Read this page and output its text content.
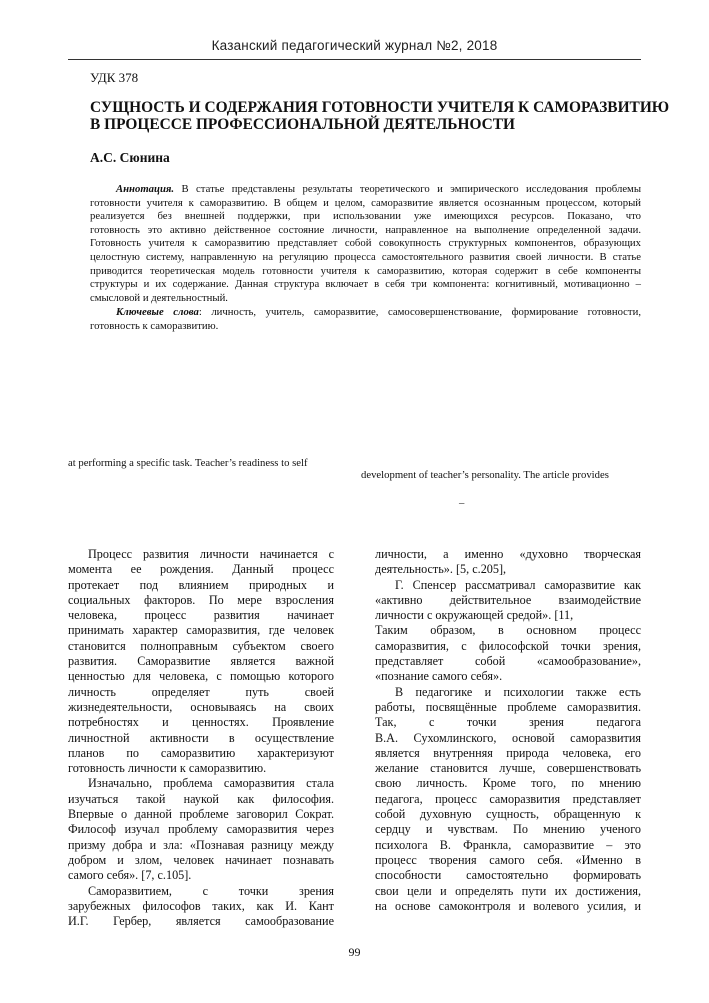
Казанский педагогический журнал №2, 2018
УДК 378
СУЩНОСТЬ И СОДЕРЖАНИЯ ГОТОВНОСТИ УЧИТЕЛЯ К САМОРАЗВИТИЮ
В ПРОЦЕССЕ ПРОФЕССИОНАЛЬНОЙ ДЕЯТЕЛЬНОСТИ
А.С. Сюнина
Аннотация. В статье представлены результаты теоретического и эмпирического исследования проблемы
готовности учителя к саморазвитию. В общем и целом, саморазвитие является осознанным процессом, который
реализуется без внешней поддержки, при использовании уже имеющихся ресурсов. Показано, что
готовность это активно действенное состояние личности, направленное на выполнение определенной задачи.
Готовность учителя к саморазвитию представляет собой совокупность структурных компонентов, образующих
целостную систему, направленную на регуляцию процесса самостоятельного развития своей личности. В статье
приводится теоретическая модель готовности учителя к саморазвитию, которая содержит в себе компоненты
структуры и их содержание. Данная структура включает в себя три компонента: когнитивный, мотивационно –
смысловой и деятельностный.
Ключевые слова: личность, учитель, саморазвитие, самосовершенствование, формирование готовности,
готовность к саморазвитию.
at performing a specific task. Teacher’s readiness to self
development of teacher’s personality. The article provides
–
Процесс развития личности начинается с
момента ее рождения. Данный процесс
протекает под влиянием природных и
социальных факторов. По мере взросления
человека, процесс развития начинает
принимать характер саморазвития, где человек
становится полноправным субъектом своего
развития. Саморазвитие является важной
ценностью для человека, с помощью которого
личность определяет путь своей
жизнедеятельности, основываясь на своих
потребностях и ценностях. Проявление
личностной активности в осуществление
планов по саморазвитию характеризуют
готовность личности к саморазвитию.
Изначально, проблема саморазвития стала
изучаться такой наукой как философия.
Впервые о данной проблеме заговорил Сократ.
Философ изучал проблему саморазвития через
призму добра и зла: «Познавая разницу между
добром и злом, человек начинает познавать
самого себя». [7, с.105].
Саморазвитием, с точки зрения
зарубежных философов таких, как И. Кант
И.Г. Гербер, является самообразование
личности, а именно «духовно творческая
деятельность». [5, с.205],
Г. Спенсер рассматривал саморазвитие как
«активно действительное взаимодействие
личности с окружающей средой». [11,
Таким образом, в основном процесс
саморазвития, с философской точки зрения,
представляет собой «самообразование»,
«познание самого себя».
В педагогике и психологии также есть
работы, посвящённые проблеме саморазвития.
Так, с точки зрения педагога
В.А. Сухомлинского, основой саморазвития
является внутренняя природа человека, его
желание становится лучше, совершенствовать
свою личность. Кроме того, по мнению
педагога, процесс саморазвития представляет
собой духовную сущность, обращенную к
сердцу и чувствам. По мнению ученого
психолога В. Франкла, саморазвитие – это
процесс творения самого себя. «Именно в
способности самостоятельно формировать
свои цели и определять пути их достижения,
на основе самоконтроля и волевого усилия, и
99
